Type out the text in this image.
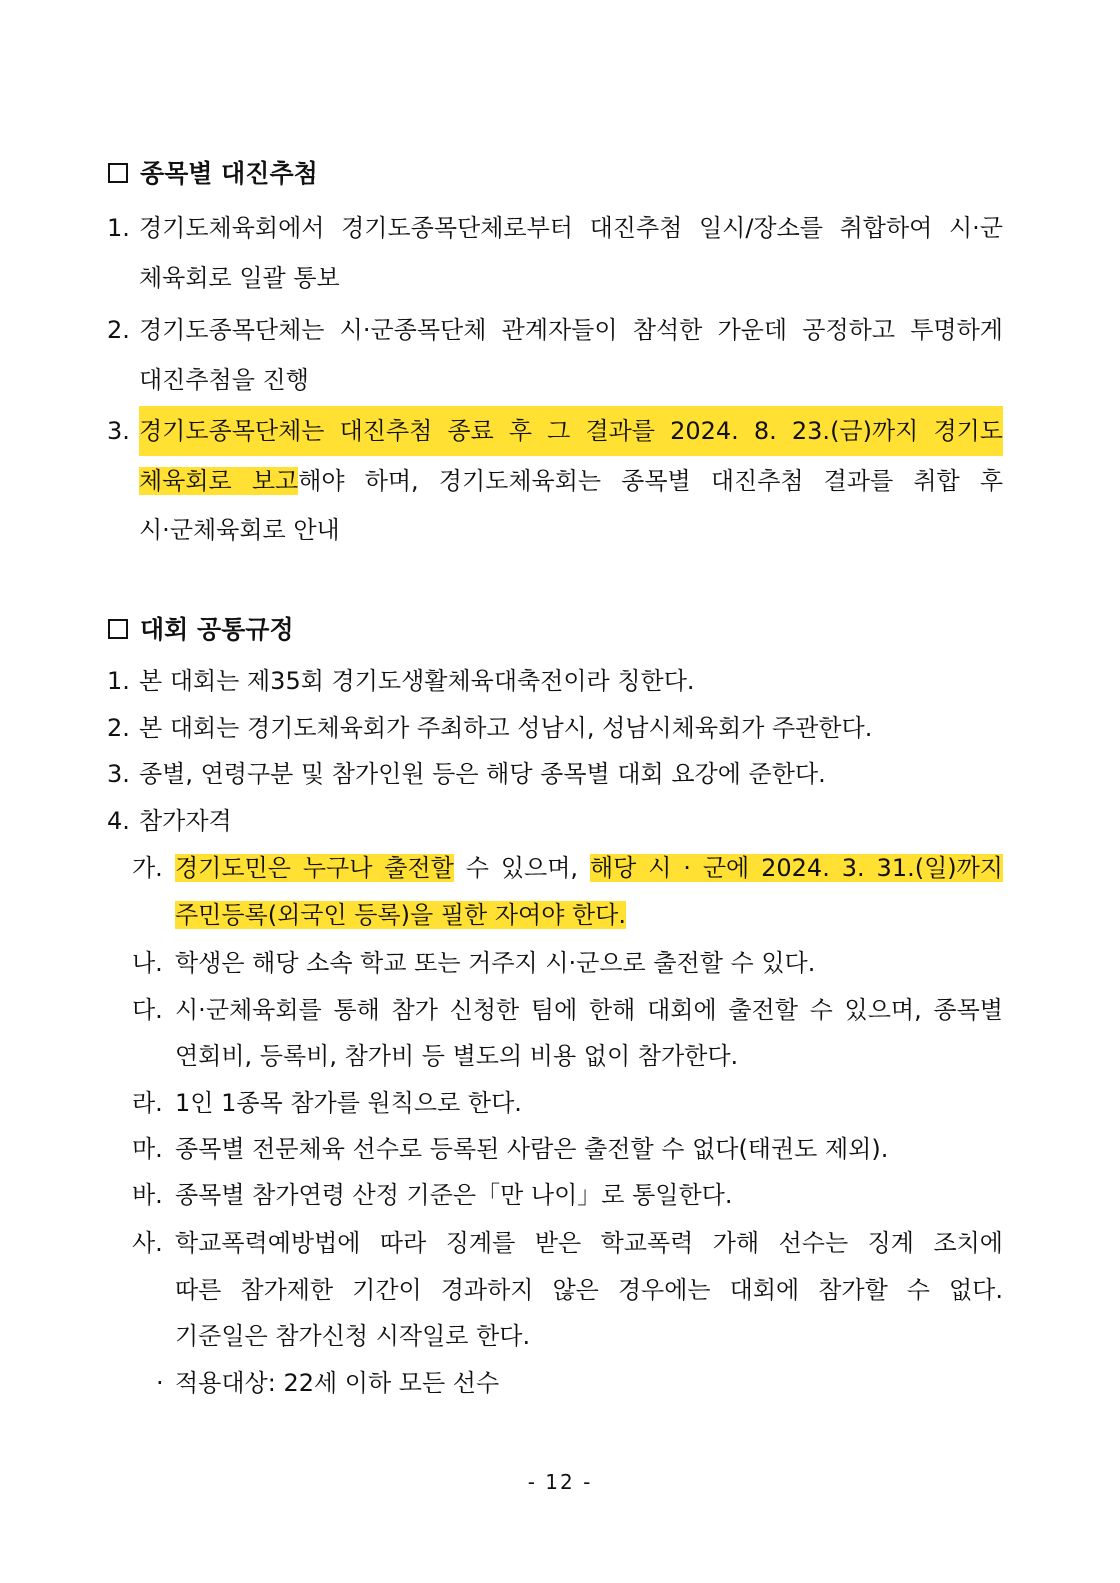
종목별 대진추첨
1. 경기도체육회에서 경기도종목단체로부터 대진추첨 일시/장소를 취합하여 시·군
체육회로 일괄 통보
2. 경기도종목단체는 시·군종목단체 관계자들이 참석한 가운데 공정하고 투명하게
대진추첨을 진행
3. 경기도종목단체는 대진추첨 종료 후 그 결과를 2024. 8. 23.(금)까지 경기도
체육회로 보고해야 하며, 경기도체육회는 종목별 대진추첨 결과를 취합 후
시·군체육회로 안내
대회 공통규정
1. 본 대회는 제35회 경기도생활체육대축전이라 칭한다.
2. 본 대회는 경기도체육회가 주최하고 성남시, 성남시체육회가 주관한다.
3. 종별, 연령구분 및 참가인원 등은 해당 종목별 대회 요강에 준한다.
4. 참가자격
가. 경기도민은 누구나 출전할 수 있으며, 해당 시 · 군에 2024. 3. 31.(일)까지
주민등록(외국인 등록)을 필한 자여야 한다.
나. 학생은 해당 소속 학교 또는 거주지 시·군으로 출전할 수 있다.
다. 시·군체육회를 통해 참가 신청한 팀에 한해 대회에 출전할 수 있으며, 종목별
연회비, 등록비, 참가비 등 별도의 비용 없이 참가한다.
라. 1인 1종목 참가를 원칙으로 한다.
마. 종목별 전문체육 선수로 등록된 사람은 출전할 수 없다(태권도 제외).
바. 종목별 참가연령 산정 기준은「만 나이」로 통일한다.
사. 학교폭력예방법에 따라 징계를 받은 학교폭력 가해 선수는 징계 조치에
따른 참가제한 기간이 경과하지 않은 경우에는 대회에 참가할 수 없다.
기준일은 참가신청 시작일로 한다.
· 적용대상: 22세 이하 모든 선수
- 12 -
